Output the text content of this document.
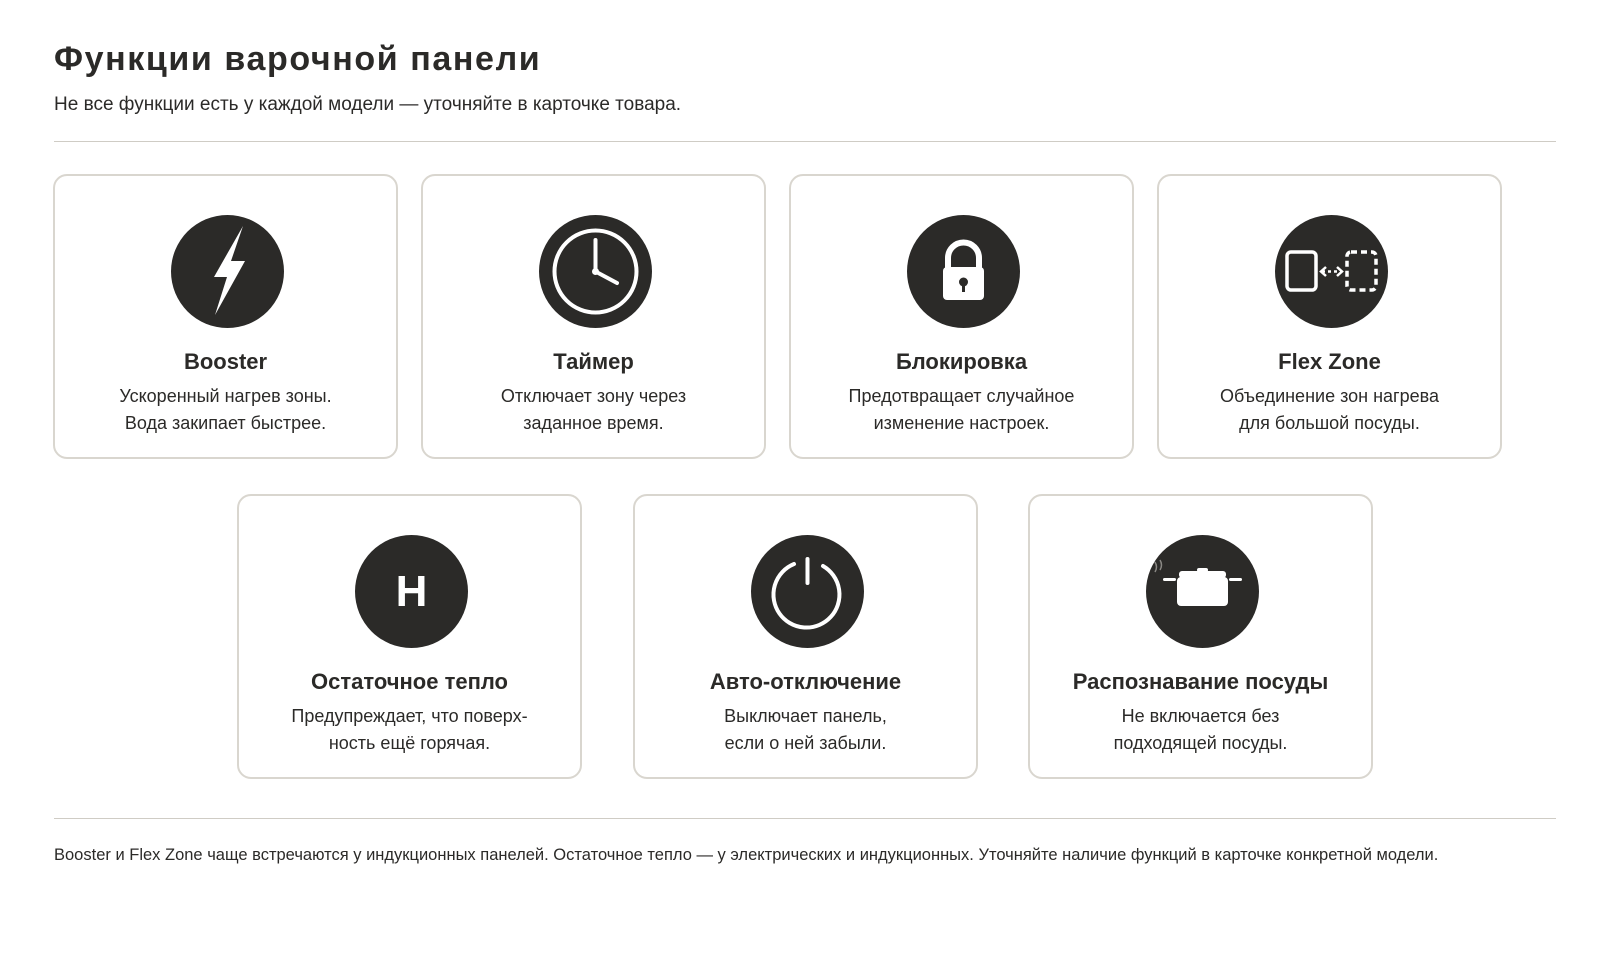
Функции варочной панели

Не все функции есть у каждой модели — уточняйте в карточке товара.

Booster
Ускоренный нагрев зоны.
Вода закипает быстрее.
Таймер
Отключает зону через
заданное время.
Блокировка
Предотвращает случайное
изменение настроек.
Flex Zone
Объединение зон нагрева
для большой посуды.
H
Остаточное тепло
Предупреждает, что поверх-
ность ещё горячая.
Авто-отключение
Выключает панель,
если о ней забыли.
Распознавание посуды
Не включается без
подходящей посуды.

Booster и Flex Zone чаще встречаются у индукционных панелей. Остаточное тепло — у электрических и индукционных. Уточняйте наличие функций в карточке конкретной модели.
